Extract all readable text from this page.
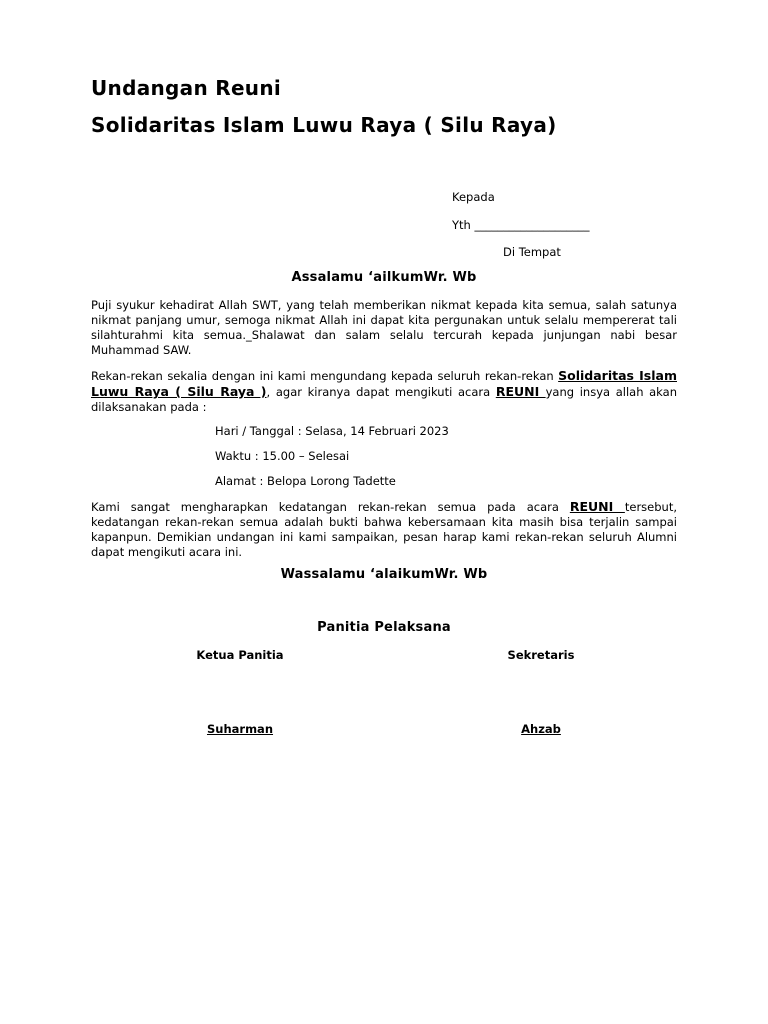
Undangan Reuni
Solidaritas Islam Luwu Raya ( Silu Raya)
Kepada
Yth ____________________
Di Tempat
Assalamu ‘ailkumWr. Wb

Puji syukur kehadirat Allah SWT, yang telah memberikan nikmat kepada kita semua, salah satunya nikmat panjang umur, semoga nikmat Allah ini dapat kita pergunakan untuk selalu mempererat tali silahturahmi kita semua._Shalawat dan salam selalu tercurah kepada junjungan nabi besar Muhammad SAW.

Rekan-rekan sekalia dengan ini kami mengundang kepada seluruh rekan-rekan Solidaritas Islam Luwu Raya ( Silu Raya ), agar kiranya dapat mengikuti acara REUNI yang insya allah akan dilaksanakan pada :

Hari / Tanggal : Selasa, 14 Februari 2023
Waktu : 15.00 – Selesai
Alamat : Belopa Lorong Tadette

Kami sangat mengharapkan kedatangan rekan-rekan semua pada acara REUNI tersebut, kedatangan rekan-rekan semua adalah bukti bahwa kebersamaan kita masih bisa terjalin sampai kapanpun. Demikian undangan ini kami sampaikan, pesan harap kami rekan-rekan seluruh Alumni dapat mengikuti acara ini.

Wassalamu ‘alaikumWr. Wb
Panitia Pelaksana
Ketua Panitia	Sekretaris
Suharman	Ahzab
